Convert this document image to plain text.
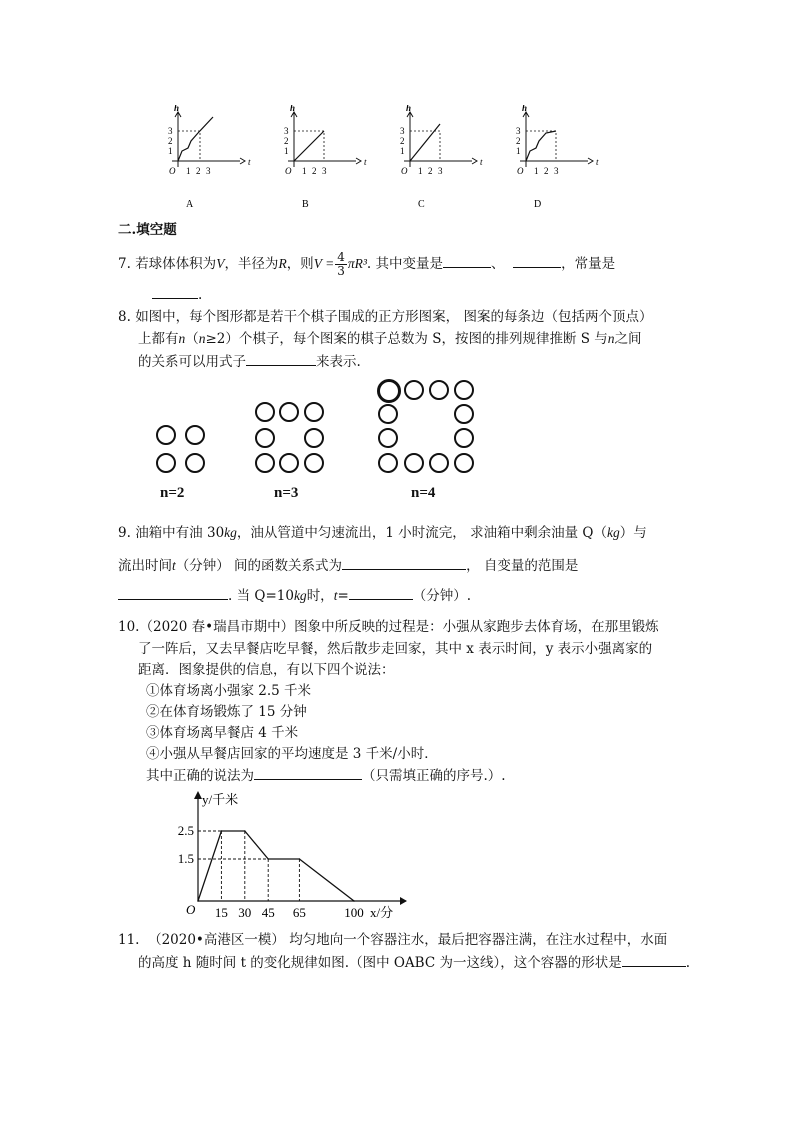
h
t
O
3
2
1
1 2 3
A
h
t
O
3
2
1
1 2 3
B
h
t
O
3
2
1
1 2 3
C
h
t
O
3
2
1
1 2 3
D
二.填空题
7. 若球体体积为V，半径为R，则$V = \frac{4}{3} \pi R^3$. 其中变量是	、	，常量是
.
8. 如图中，每个图形都是若干个棋子围成的正方形图案， 图案的每条边（包括两个顶点）
上都有n（n≥2）个棋子，每个图案的棋子总数为 S，按图的排列规律推断 S 与n之间
的关系可以用式子	来表示.
n=2	n=3	n=4
9. 油箱中有油 30kg，油从管道中匀速流出，1 小时流完， 求油箱中剩余油量 Q（kg）与
流出时间t（分钟） 间的函数关系式为	， 自变量的范围是
. 当 Q=10kg时，t=	（分钟）.
10.（2020 春•瑞昌市期中）图象中所反映的过程是：小强从家跑步去体育场，在那里锻炼
了一阵后，又去早餐店吃早餐，然后散步走回家，其中 x 表示时间，y 表示小强离家的
距离．图象提供的信息，有以下四个说法：
①体育场离小强家 2.5 千米
②在体育场锻炼了 15 分钟
③体育场离早餐店 4 千米
④小强从早餐店回家的平均速度是 3 千米/小时．
其中正确的说法为	（只需填正确的序号.）.
y/千米
x/分
O 15 30 45 65	100
2.5
1.5
11. （2020•高港区一模） 均匀地向一个容器注水，最后把容器注满，在注水过程中，水面
的高度 h 随时间 t 的变化规律如图.（图中 OABC 为一这线），这个容器的形状是	.
